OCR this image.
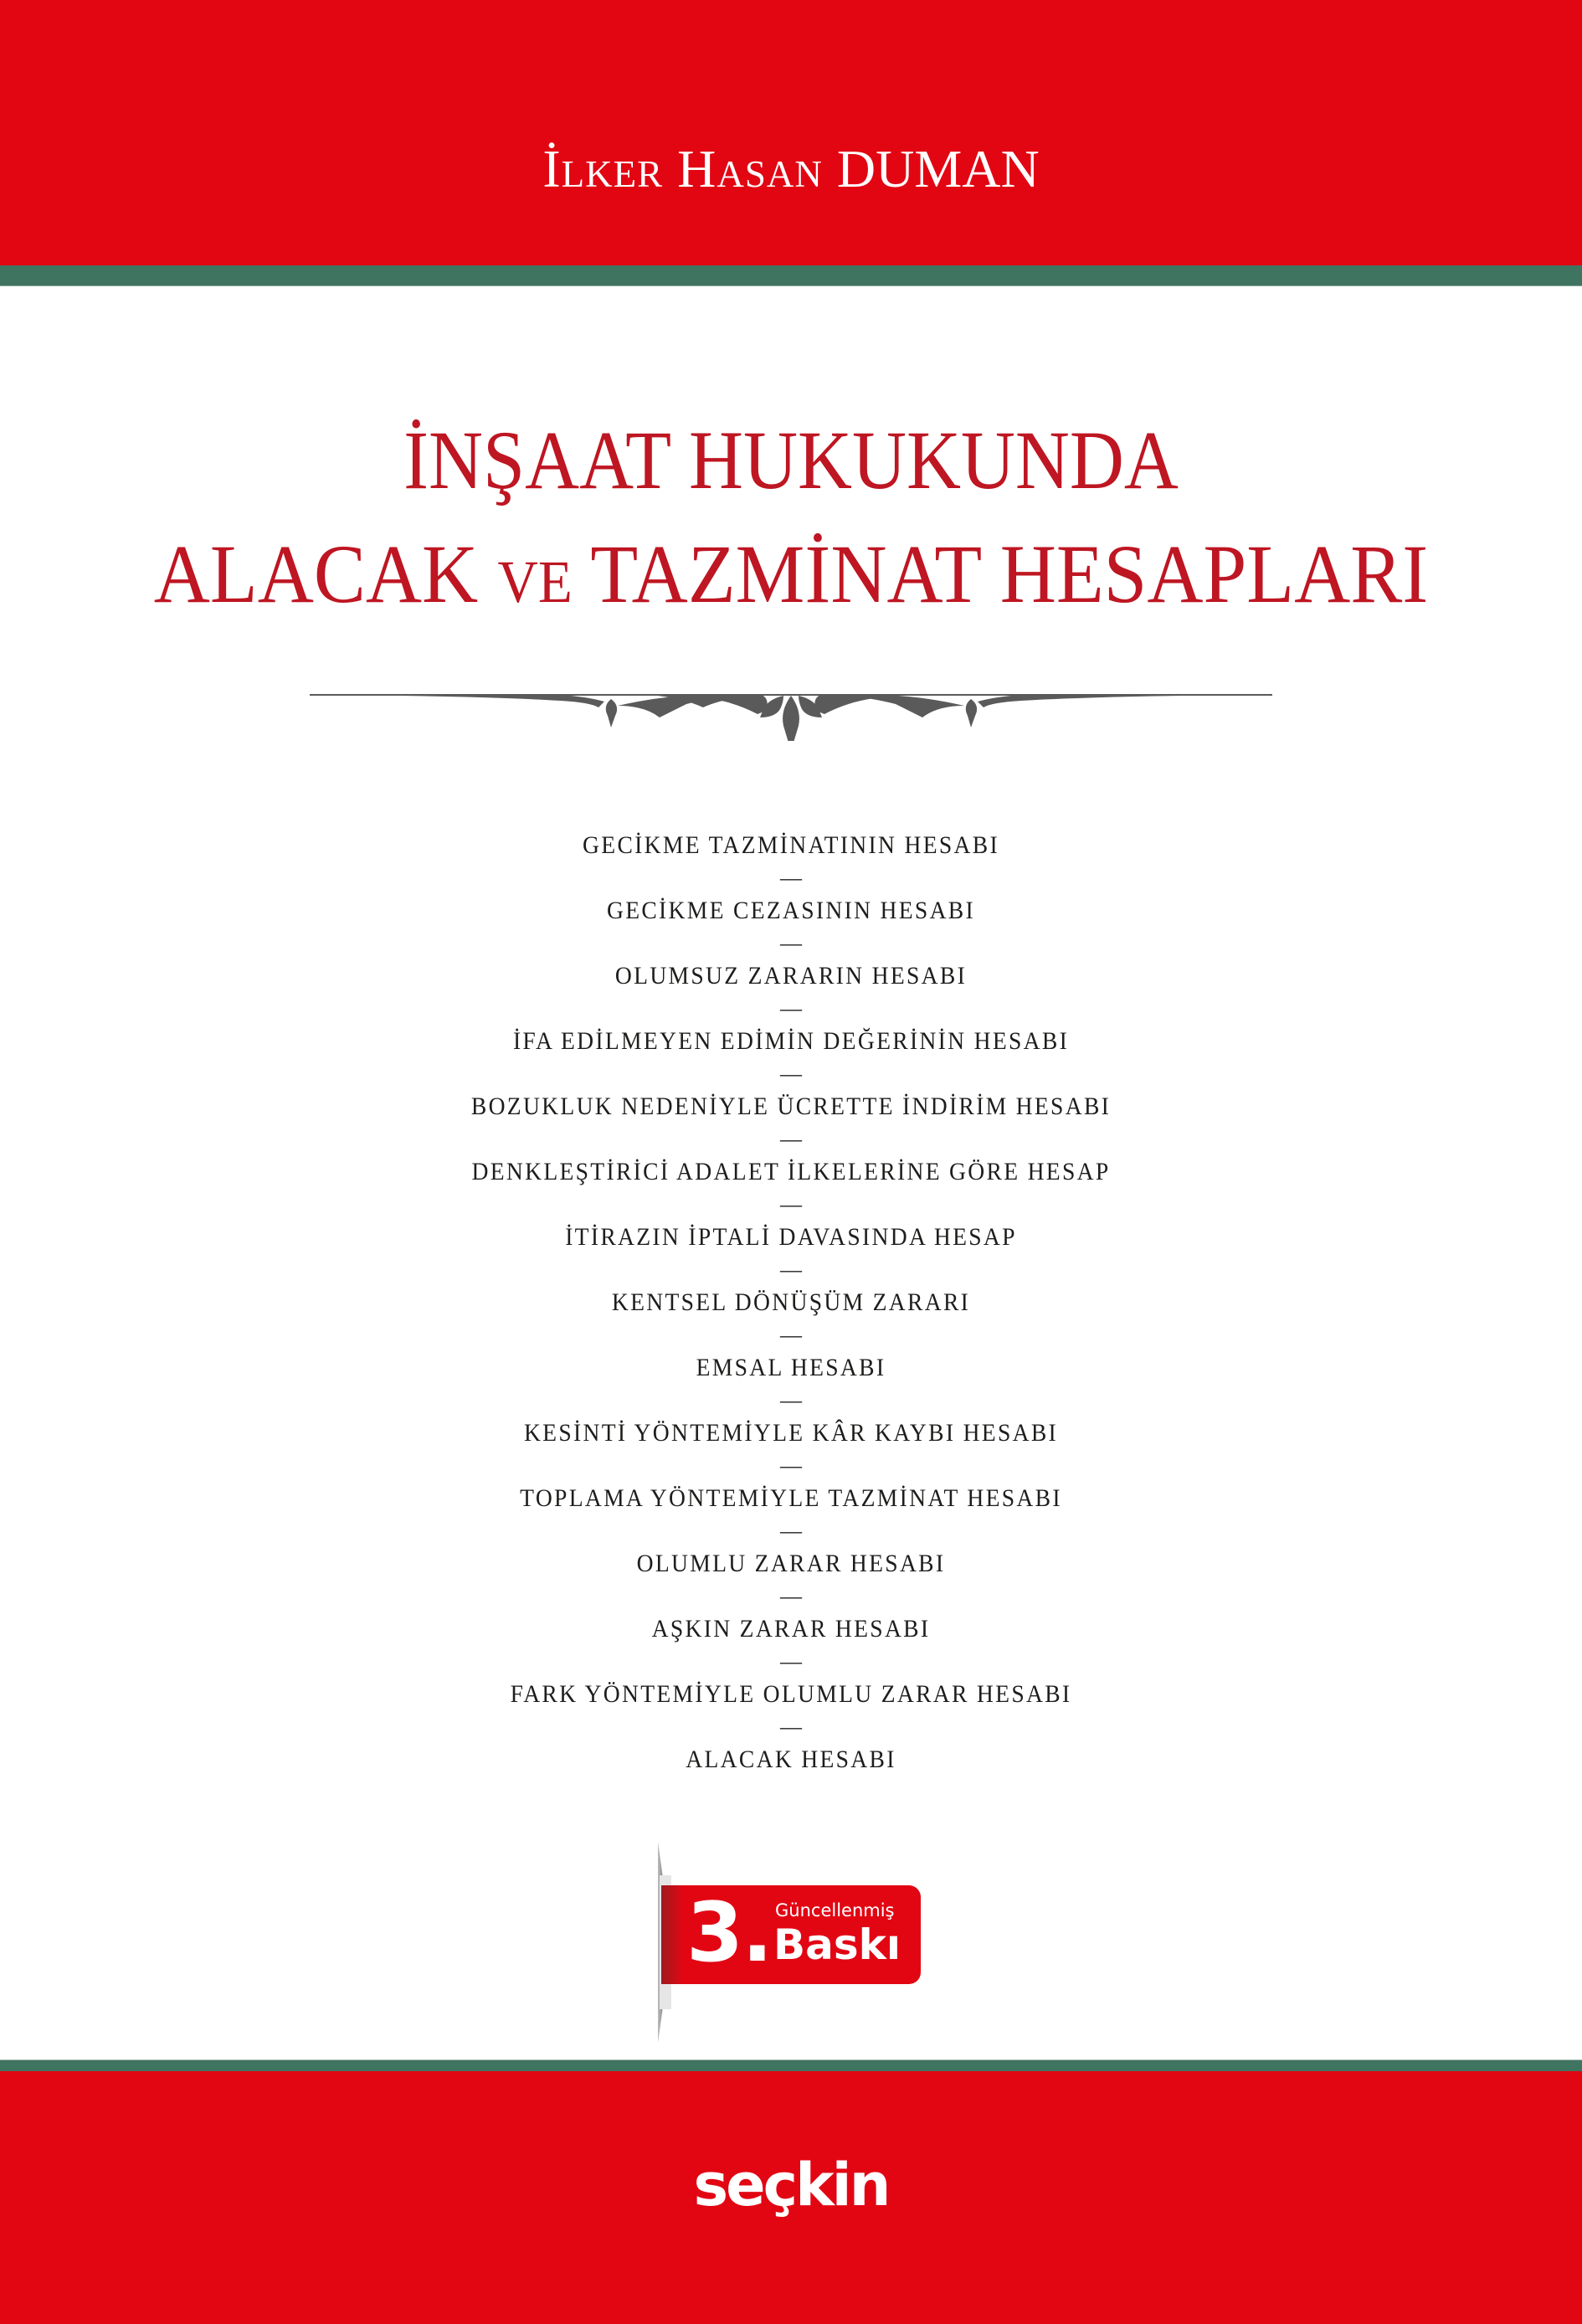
İlker Hasan DUMAN
İNŞAAT HUKUKUNDA
ALACAK VE TAZMİNAT HESAPLARI
GECİKME TAZMİNATININ HESABI
—
GECİKME CEZASININ HESABI
—
OLUMSUZ ZARARIN HESABI
—
İFA EDİLMEYEN EDİMİN DEĞERİNİN HESABI
—
BOZUKLUK NEDENİYLE ÜCRETTE İNDİRİM HESABI
—
DENKLEŞTİRİCİ ADALET İLKELERİNE GÖRE HESAP
—
İTİRAZIN İPTALİ DAVASINDA HESAP
—
KENTSEL DÖNÜŞÜM ZARARI
—
EMSAL HESABI
—
KESİNTİ YÖNTEMİYLE KÂR KAYBI HESABI
—
TOPLAMA YÖNTEMİYLE TAZMİNAT HESABI
—
OLUMLU ZARAR HESABI
—
AŞKIN ZARAR HESABI
—
FARK YÖNTEMİYLE OLUMLU ZARAR HESABI
—
ALACAK HESABI
3. Güncellenmiş
Baskı
seçkin
